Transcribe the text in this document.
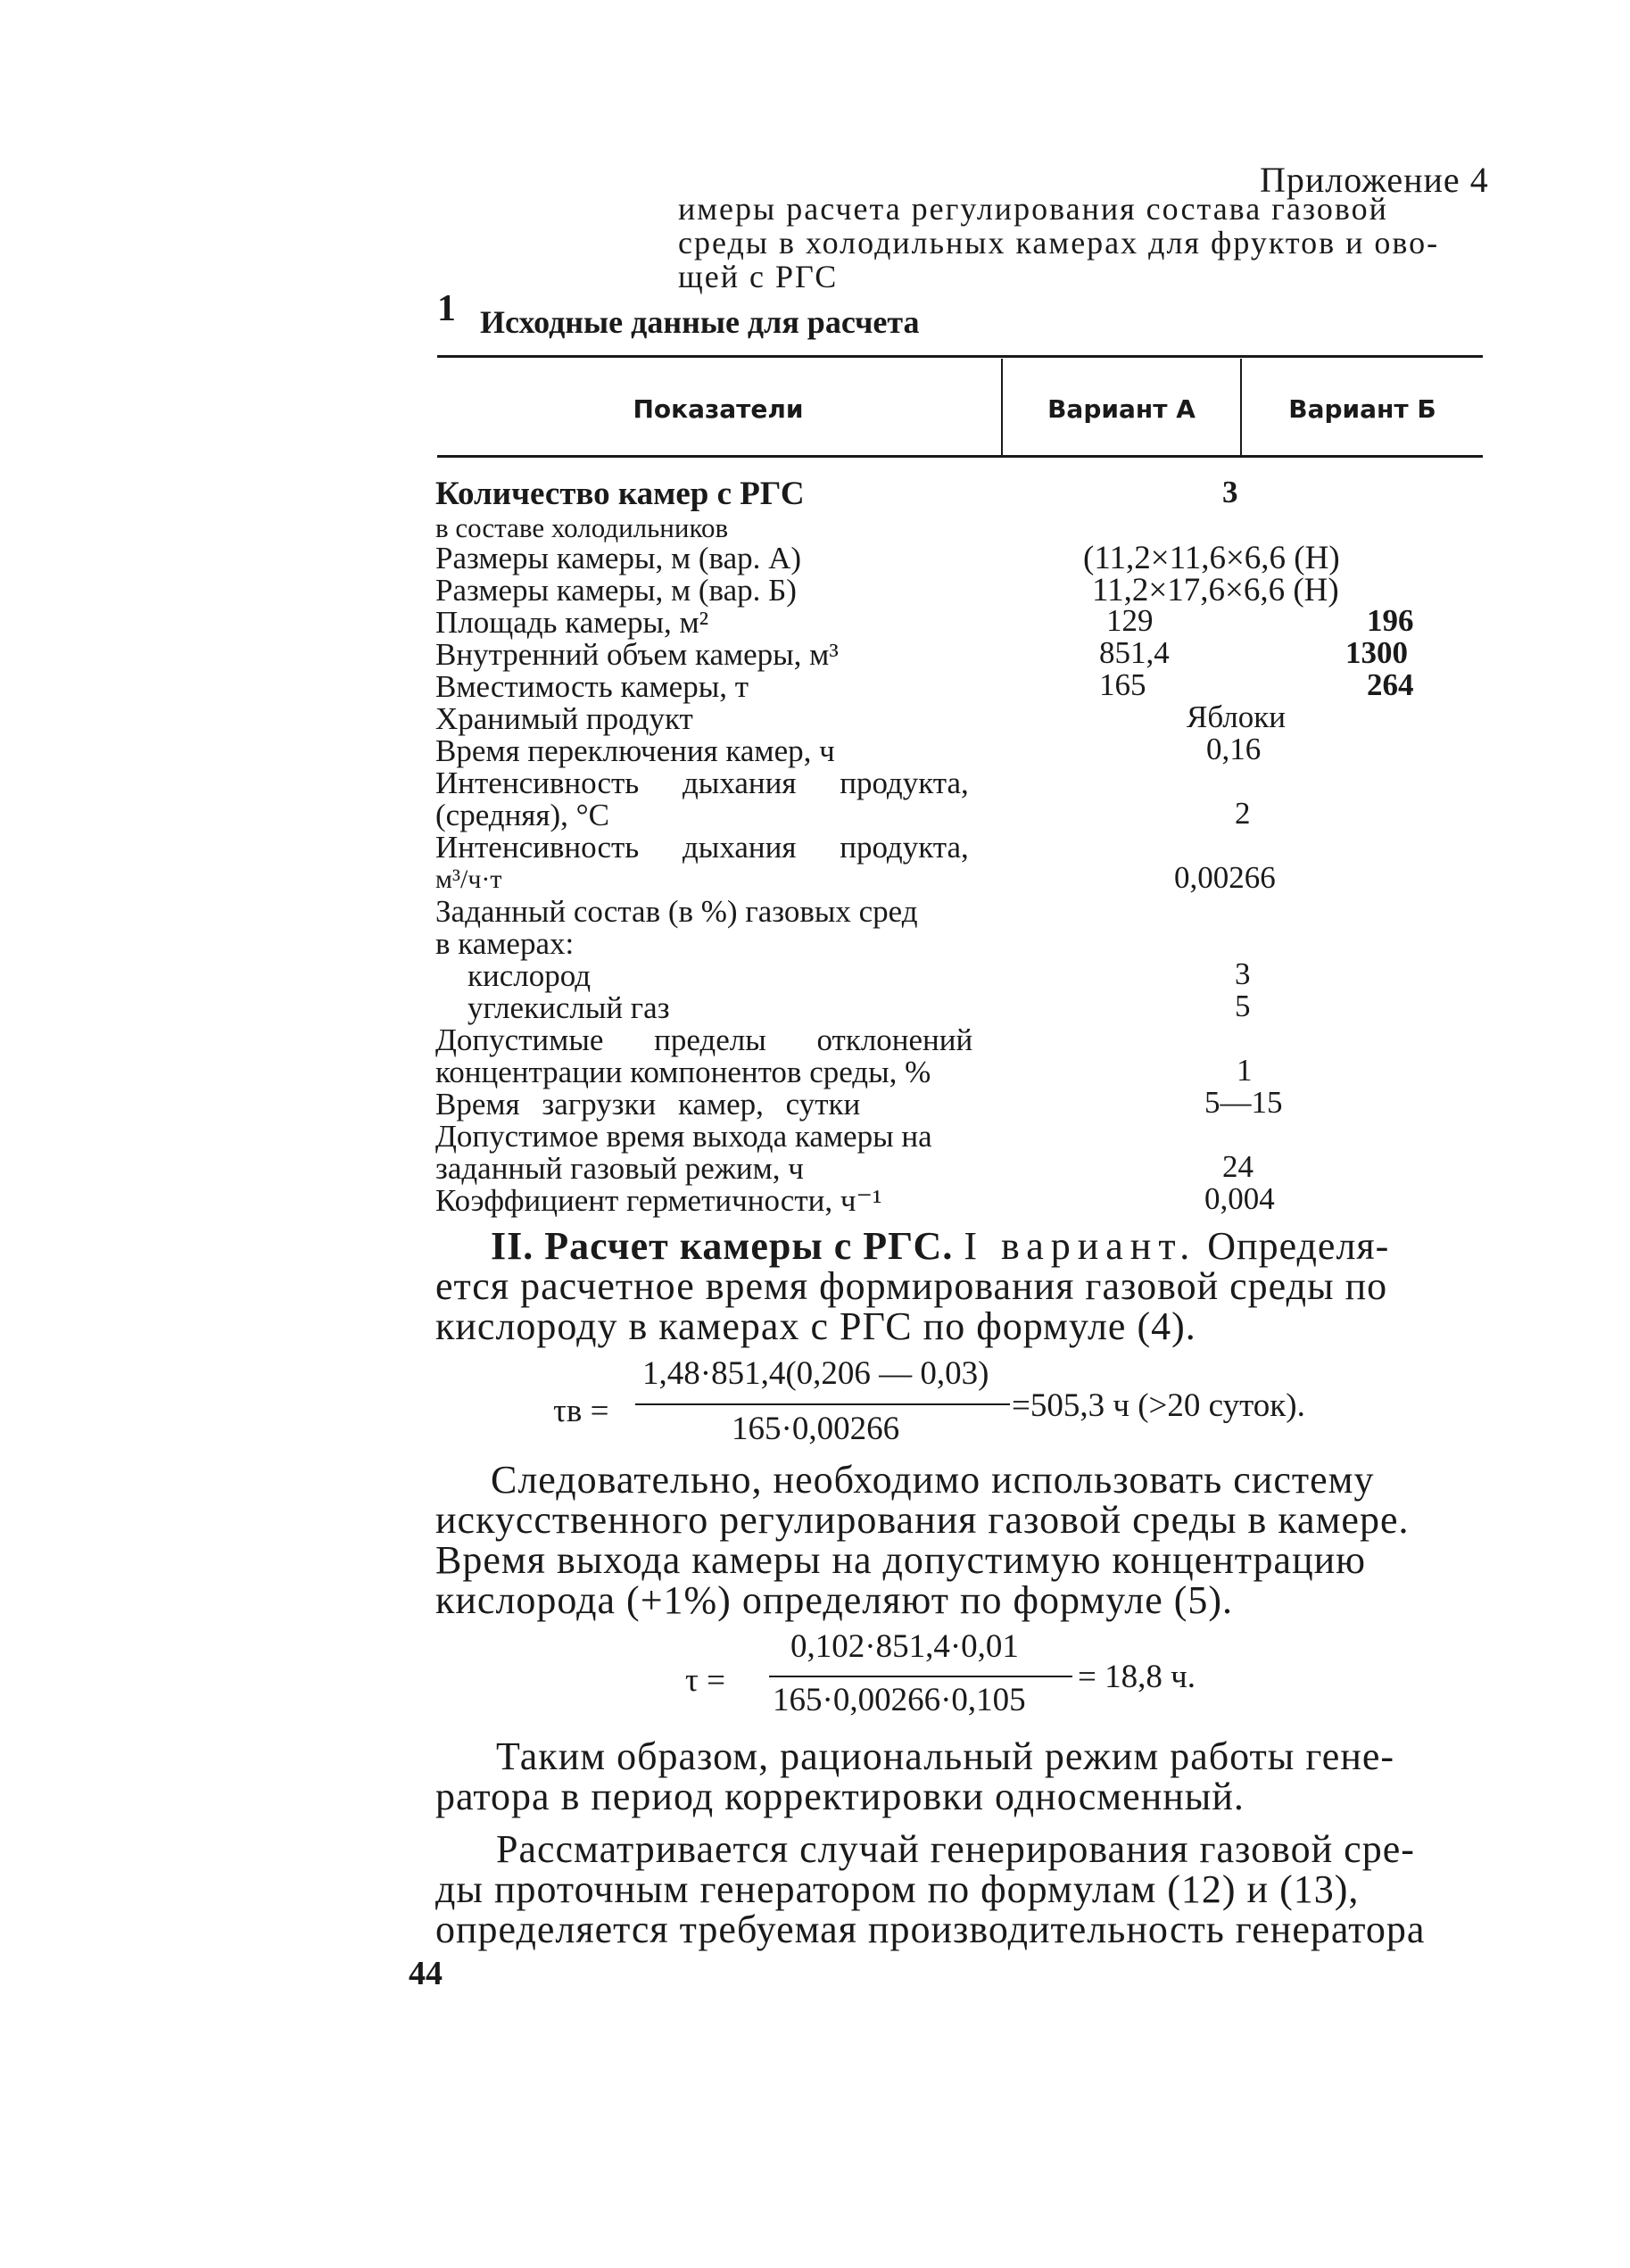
Приложение 4
имеры расчета регулирования состава газовой
среды в холодильных камерах для фруктов и ово-
щей с РГС
1 Исходные данные для расчета
Показатели	Вариант А	Вариант Б
Количество камер с РГС	3
в составе холодильников
Размеры камеры, м (вар. А)	(11,2×11,6×6,6 (Н)
Размеры камеры, м (вар. Б)	11,2×17,6×6,6 (Н)
Площадь камеры, м²	129	196
Внутренний объем камеры, м³	851,4	1300
Вместимость камеры, т	165	264
Хранимый продукт	Яблоки
Время переключения камер, ч	0,16
Интенсивность дыхания продукта,
(средняя), °С	2
Интенсивность дыхания продукта,
м³/ч·т	0,00266
Заданный состав (в %) газовых сред
в камерах:
кислород	3
углекислый газ	5
Допустимые пределы отклонений
концентрации компонентов среды, %	1
Время загрузки камер, сутки	5—15
Допустимое время выхода камеры на
заданный газовый режим, ч	24
Коэффициент герметичности, ч⁻¹	0,004
II. Расчет камеры с РГС. I вариант. Определя-
ется расчетное время формирования газовой среды по
кислороду в камерах с РГС по формуле (4).
τв =
1,48·851,4(0,206 — 0,03)
165·0,00266
=505,3 ч (>20 суток).
Следовательно, необходимо использовать системy
искусственного регулирования газовой среды в камере.
Время выхода камеры на допустимую концентрацию
кислорода (+1%) определяют по формуле (5).
τ =
0,102·851,4·0,01
165·0,00266·0,105
= 18,8 ч.
Таким образом, рациональный режим работы гене-
ратора в период корректировки односменный.
Рассматривается случай генерирования газовой сре-
ды проточным генератором по формулам (12) и (13),
определяется требуемая производительность генератора
44
